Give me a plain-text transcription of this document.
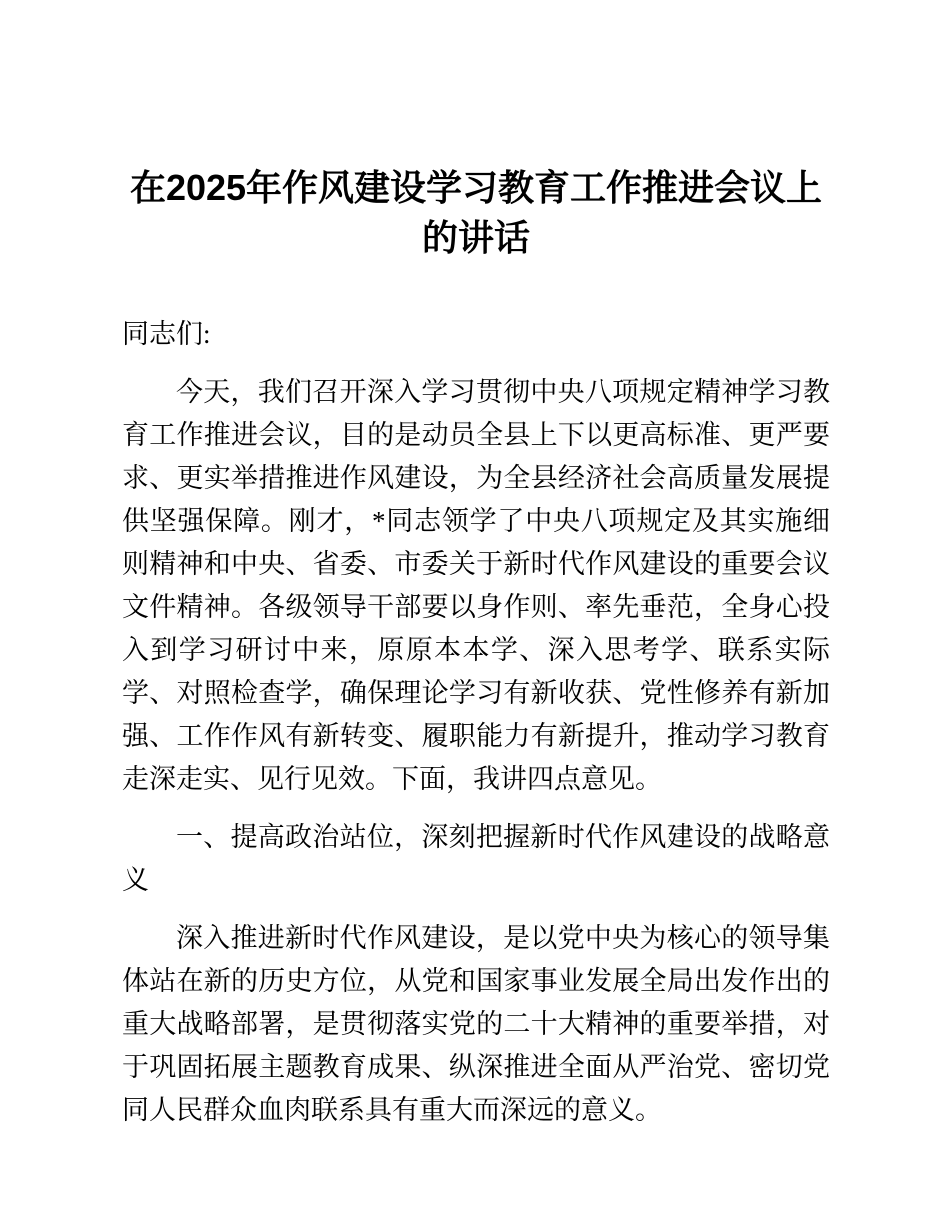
在2025年作风建设学习教育工作推进会议上的讲话

同志们:

今天，我们召开深入学习贯彻中央八项规定精神学习教育工作推进会议，目的是动员全县上下以更高标准、更严要求、更实举措推进作风建设，为全县经济社会高质量发展提供坚强保障。刚才，*同志领学了中央八项规定及其实施细则精神和中央、省委、市委关于新时代作风建设的重要会议文件精神。各级领导干部要以身作则、率先垂范，全身心投入到学习研讨中来，原原本本学、深入思考学、联系实际学、对照检查学，确保理论学习有新收获、党性修养有新加强、工作作风有新转变、履职能力有新提升，推动学习教育走深走实、见行见效。下面，我讲四点意见。

一、提高政治站位，深刻把握新时代作风建设的战略意义

深入推进新时代作风建设，是以党中央为核心的领导集体站在新的历史方位，从党和国家事业发展全局出发作出的重大战略部署，是贯彻落实党的二十大精神的重要举措，对于巩固拓展主题教育成果、纵深推进全面从严治党、密切党同人民群众血肉联系具有重大而深远的意义。
